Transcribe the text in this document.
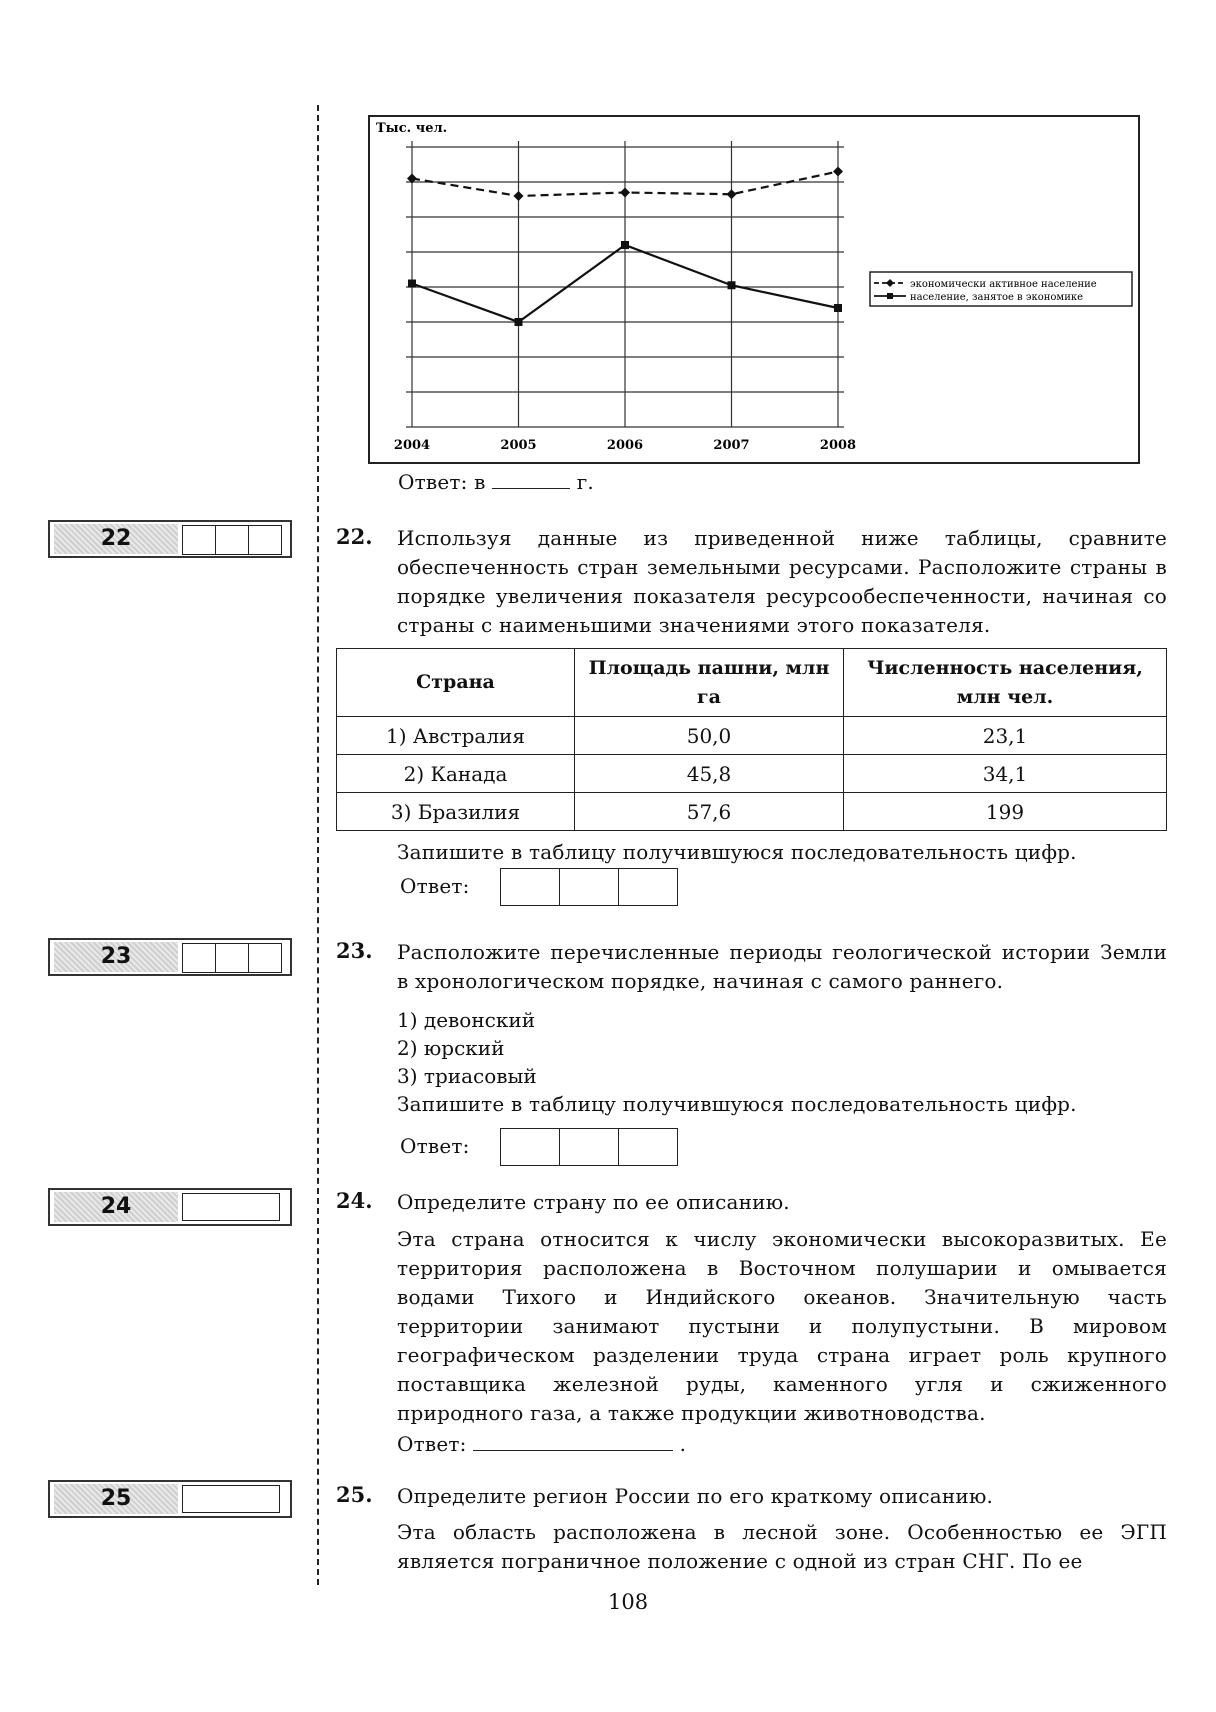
Тыс. чел.
2004	2005	2006	2007	2008
экономически активное население
население, занятое в экономике
Ответ: в	г.
22
23
24
25
22. Используя данные из приведенной ниже таблицы, сравните обеспеченность стран земельными ресурсами. Расположите страны в порядке увеличения показателя ресурсообеспеченности, начиная со страны с наименьшими значениями этого показателя.
Страна	Площадь пашни, млн га	Численность населения, млн чел.
1) Австралия	50,0	23,1
2) Канада	45,8	34,1
3) Бразилия	57,6	199
Запишите в таблицу получившуюся последовательность цифр.
Ответ:
23. Расположите перечисленные периоды геологической истории Земли в хронологическом порядке, начиная с самого раннего.
1) девонский
2) юрский
3) триасовый
Запишите в таблицу получившуюся последовательность цифр.
Ответ:
24. Определите страну по ее описанию.
Эта страна относится к числу экономически высокоразвитых. Ее территория расположена в Восточном полушарии и омывается водами Тихого и Индийского океанов. Значительную часть территории занимают пустыни и полупустыни. В мировом географическом разделении труда страна играет роль крупного поставщика железной руды, каменного угля и сжиженного природного газа, а также продукции животноводства.
Ответ:	.
25. Определите регион России по его краткому описанию.
Эта область расположена в лесной зоне. Особенностью ее ЭГП является пограничное положение с одной из стран СНГ. По ее
108
